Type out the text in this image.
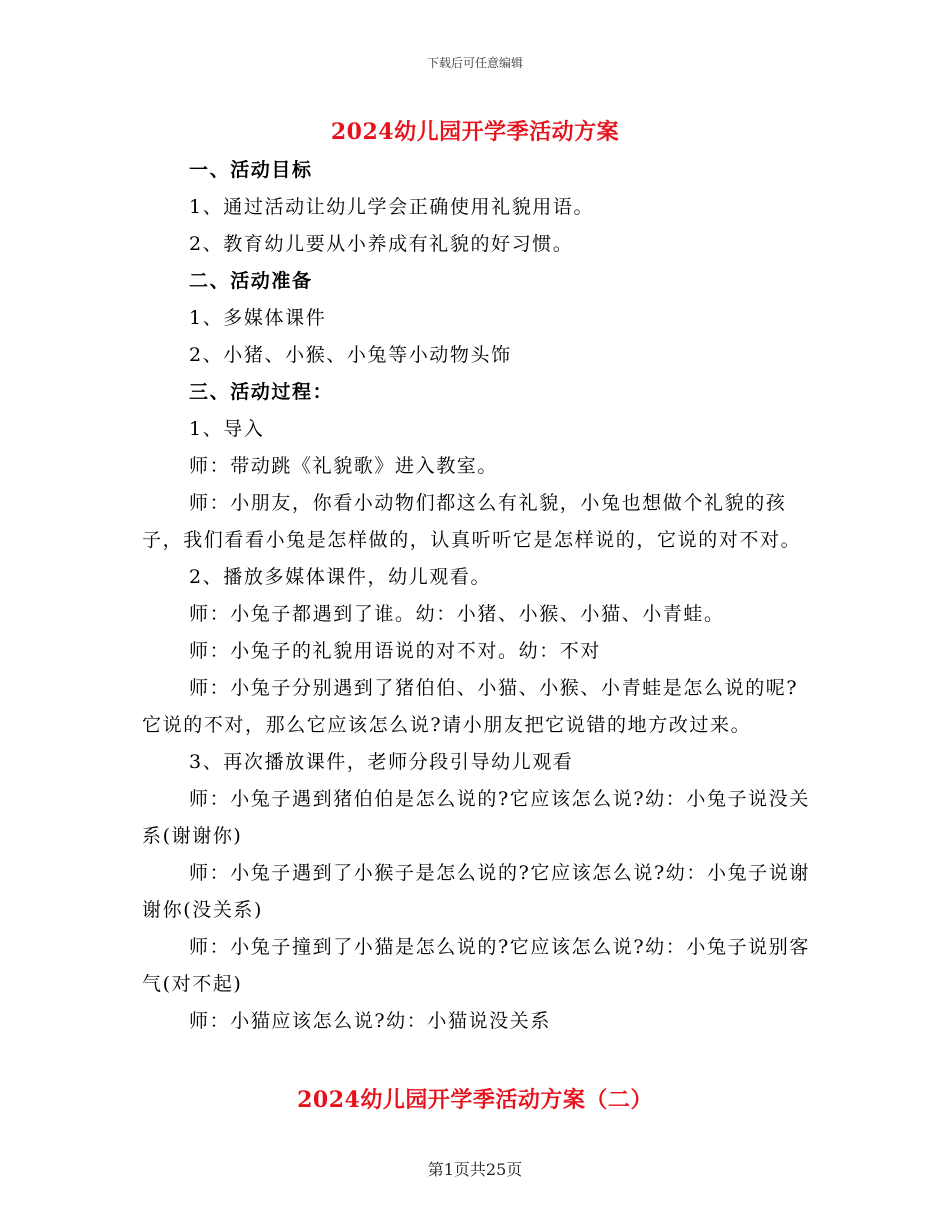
下载后可任意编辑
2024幼儿园开学季活动方案

一、活动目标

1、通过活动让幼儿学会正确使用礼貌用语。

2、教育幼儿要从小养成有礼貌的好习惯。

二、活动准备

1、多媒体课件

2、小猪、小猴、小兔等小动物头饰

三、活动过程：

1、导入

师：带动跳《礼貌歌》进入教室。

师：小朋友，你看小动物们都这么有礼貌，小兔也想做个礼貌的孩子，我们看看小兔是怎样做的，认真听听它是怎样说的，它说的对不对。

2、播放多媒体课件，幼儿观看。

师：小兔子都遇到了谁。幼：小猪、小猴、小猫、小青蛙。

师：小兔子的礼貌用语说的对不对。幼：不对

师：小兔子分别遇到了猪伯伯、小猫、小猴、小青蛙是怎么说的呢?它说的不对，那么它应该怎么说?请小朋友把它说错的地方改过来。

3、再次播放课件，老师分段引导幼儿观看

师：小兔子遇到猪伯伯是怎么说的?它应该怎么说?幼：小兔子说没关系(谢谢你)

师：小兔子遇到了小猴子是怎么说的?它应该怎么说?幼：小兔子说谢谢你(没关系)

师：小兔子撞到了小猫是怎么说的?它应该怎么说?幼：小兔子说别客气(对不起)

师：小猫应该怎么说?幼：小猫说没关系

2024幼儿园开学季活动方案（二）
第1页共25页
